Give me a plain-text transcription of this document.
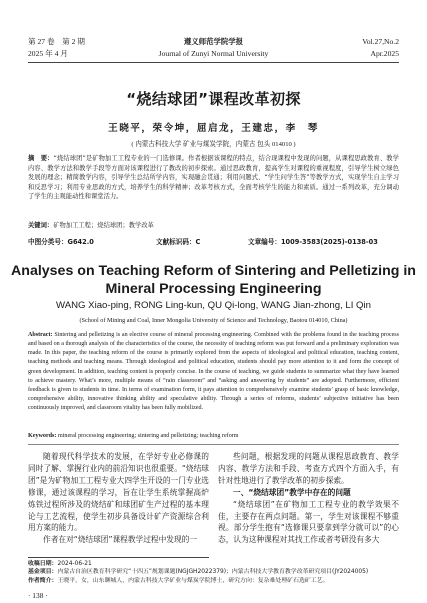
第 27 卷　第 2 期
2025 年 4 月
遵义师范学院学报
Journal of Zunyi Normal University
Vol.27,No.2
Apr.2025
“烧结球团”课程改革初探
王晓平，荣令坤，屈启龙，王建忠，李　琴
( 内蒙古科技大学 矿业与煤炭学院，内蒙古 包头 014010 )
摘　要：“烧结球团”是矿物加工工程专业的一门选修课。作者根据该课程的特点，结合现课程中发现的问题，从课程思政教育、教学内容、教学方法和教学手段等方面对该课程进行了教改的初步探索。通过思政教育，提高学生对课程的重视程度，引导学生树立绿色发展的理念；精简教学内容，引导学生总结所学内容，实现融会贯通；利用问题式、“学生问学生答”等教学方式，实现学生自主学习和反思学习；利用专业思政的方式，培养学生的科学精神；改革考核方式，全面考核学生的能力和素质。通过一系列改革，充分调动了学生的主观能动性和课堂活力。
关键词：矿物加工工程；烧结球团；教学改革
中图分类号：G642.0	文献标识码：C	文章编号：1009-3583(2025)-0138-03
Analyses on Teaching Reform of Sintering and Pelletizing in Mineral Processing Engineering
WANG Xiao-ping, RONG Ling-kun, QU Qi-long, WANG Jian-zhong, LI Qin
(School of Mining and Coal, Inner Mongolia University of Science and Technology, Baotou 014010, China)
Abstract: Sintering and pelletizing is an elective course of mineral processing engineering. Combined with the problems found in the teaching process and based on a thorough analysis of the characteristics of the course, the necessity of teaching reform was put forward and a preliminary exploration was made. In this paper, the teaching reform of the course is primarily explored from the aspects of ideological and political education, teaching content, teaching methods and teaching means. Through ideological and political education, students should pay more attention to it and form the concept of green development. In addition, teaching content is properly concise. In the course of teaching, we guide students to summarize what they have learned to achieve mastery. What’s more, multiple means of “rain classroom” and “asking and answering by students” are adopted. Furthermore, efficient feedback is given to students in time. In terms of examination form, it pays attention to comprehensively examine students’ grasp of basic knowledge, comprehensive ability, innovative thinking ability and speculative ability. Through a series of reforms, students’ subjective initiative has been continuously improved, and classroom vitality has been fully mobilized.
Keywords: mineral processing engineering; sintering and pelletizing; teaching reform

随着现代科学技术的发展，在学好专业必修课的同时了解、掌握行业内的前沿知识也很重要。“烧结球团”是为矿物加工工程专业大四学生开设的一门专业选修课，通过该课程的学习，旨在让学生系统掌握高炉炼铁过程所涉及的烧结矿和球团矿生产过程的基本理论与工艺流程，使学生初步具备设计矿产资源综合利用方案的能力。

作者在对“烧结球团”课程教学过程中发现的一

些问题，根据发现的问题从课程思政教育、教学内容、教学方法和手段、考查方式四个方面入手，有针对性地进行了教学改革的初步探索。

一、“烧结球团”教学中存在的问题

“烧结球团”在矿物加工工程专业的教学效果不佳，主要存在两点问题。第一，学生对该课程不够重视。部分学生抱有“选修课只要拿到学分就可以”的心态，认为这种课程对其找工作或者考研没有多大

收稿日期：2024-06-21
基金项目：内蒙古自治区教育科学研究“十四五”规划课题(NGJGH2022379)；内蒙古科技大学教育教学改革研究项目(JY2024005)
作者简介：王晓平，女，山东聊城人，内蒙古科技大学矿业与煤炭学院博士，研究方向：复杂难处理矿石选矿工艺。
· 138 ·
